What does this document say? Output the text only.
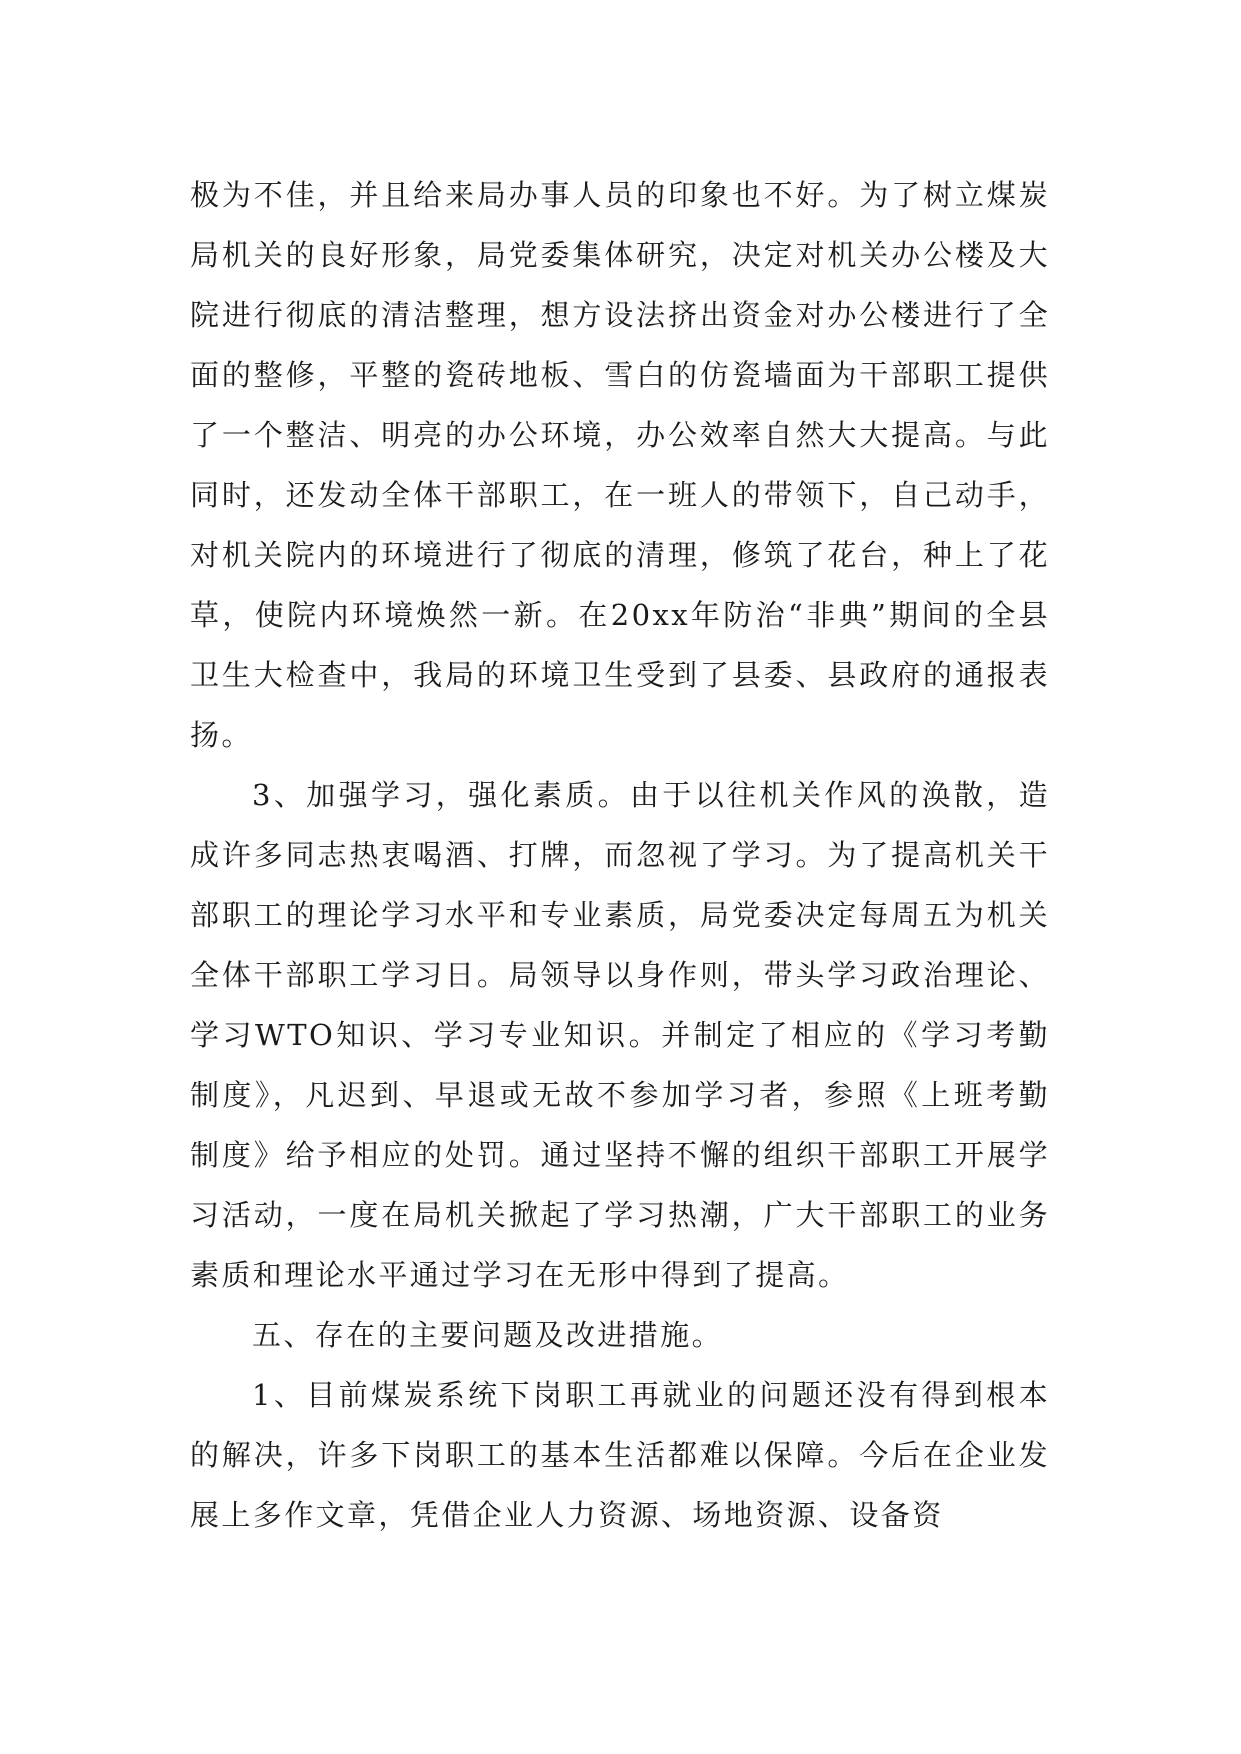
极为不佳，并且给来局办事人员的印象也不好。为了树立煤炭局机关的良好形象，局党委集体研究，决定对机关办公楼及大院进行彻底的清洁整理，想方设法挤出资金对办公楼进行了全面的整修，平整的瓷砖地板、雪白的仿瓷墙面为干部职工提供了一个整洁、明亮的办公环境，办公效率自然大大提高。与此同时，还发动全体干部职工，在一班人的带领下，自己动手，对机关院内的环境进行了彻底的清理，修筑了花台，种上了花草，使院内环境焕然一新。在20xx年防治“非典”期间的全县卫生大检查中，我局的环境卫生受到了县委、县政府的通报表扬。

3、加强学习，强化素质。由于以往机关作风的涣散，造成许多同志热衷喝酒、打牌，而忽视了学习。为了提高机关干部职工的理论学习水平和专业素质，局党委决定每周五为机关全体干部职工学习日。局领导以身作则，带头学习政治理论、学习WTO知识、学习专业知识。并制定了相应的《学习考勤制度》，凡迟到、早退或无故不参加学习者，参照《上班考勤制度》给予相应的处罚。通过坚持不懈的组织干部职工开展学习活动，一度在局机关掀起了学习热潮，广大干部职工的业务素质和理论水平通过学习在无形中得到了提高。

五、存在的主要问题及改进措施。

1、目前煤炭系统下岗职工再就业的问题还没有得到根本的解决，许多下岗职工的基本生活都难以保障。今后在企业发展上多作文章，凭借企业人力资源、场地资源、设备资
